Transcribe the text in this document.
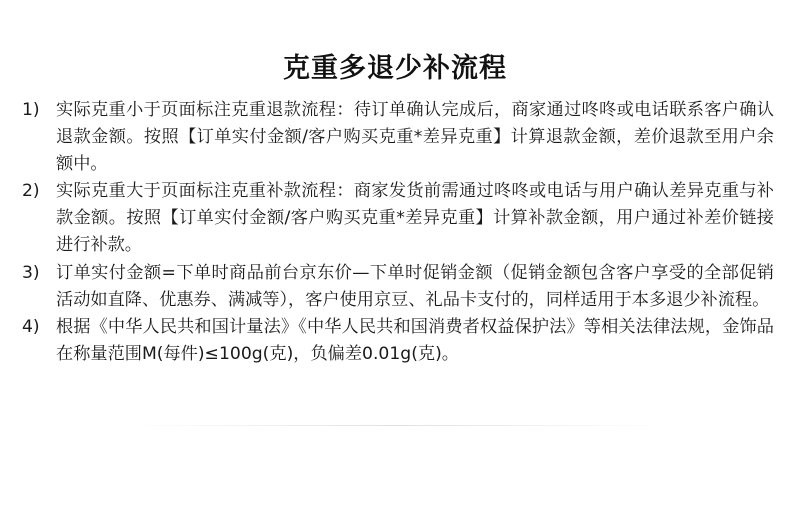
克重多退少补流程
1) 实际克重小于页面标注克重退款流程：待订单确认完成后，商家通过咚咚或电话联系客户确认退款金额。按照【订单实付金额/客户购买克重*差异克重】计算退款金额，差价退款至用户余额中。
2) 实际克重大于页面标注克重补款流程：商家发货前需通过咚咚或电话与用户确认差异克重与补款金额。按照【订单实付金额/客户购买克重*差异克重】计算补款金额，用户通过补差价链接进行补款。
3) 订单实付金额=下单时商品前台京东价—下单时促销金额（促销金额包含客户享受的全部促销活动如直降、优惠券、满减等），客户使用京豆、礼品卡支付的，同样适用于本多退少补流程。
4) 根据《中华人民共和国计量法》《中华人民共和国消费者权益保护法》等相关法律法规，金饰品在称量范围M(每件)≤100g(克)，负偏差0.01g(克)。
